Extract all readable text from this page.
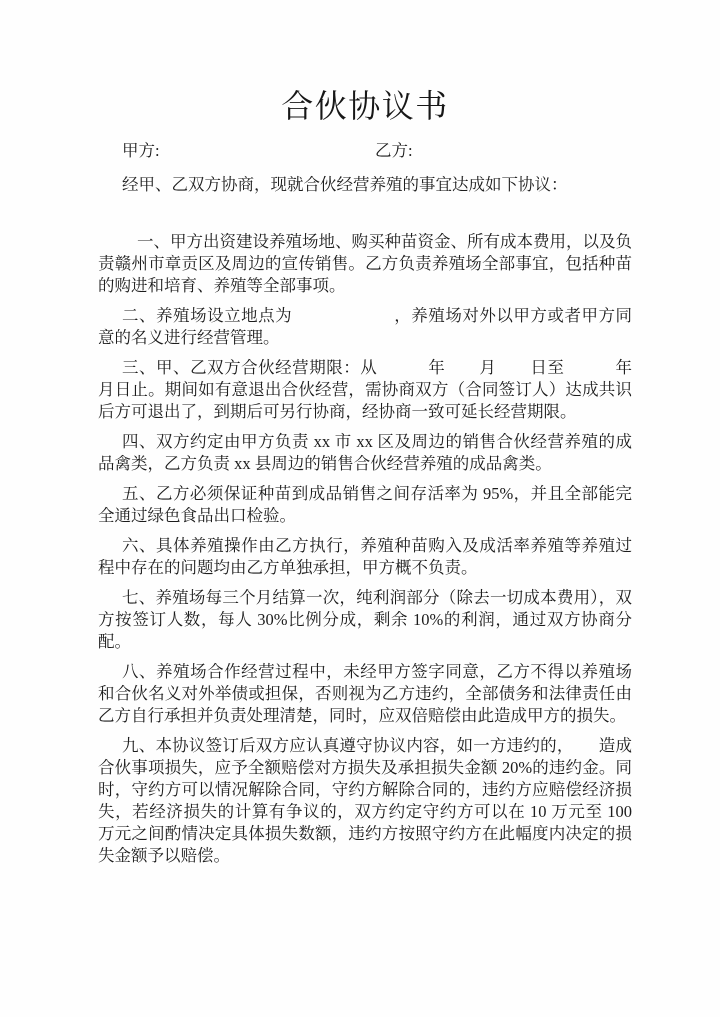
合伙协议书
甲方:	乙方:

经甲、乙双方协商，现就合伙经营养殖的事宜达成如下协议：

一、甲方出资建设养殖场地、购买种苗资金、所有成本费用，以及负责赣州市章贡区及周边的宣传销售。乙方负责养殖场全部事宜，包括种苗的购进和培育、养殖等全部事项。

二、养殖场设立地点为　　　　　　，养殖场对外以甲方或者甲方同意的名义进行经营管理。

三、甲、乙双方合伙经营期限：从　　　年　　月　　日至　　　年　　月日止。期间如有意退出合伙经营，需协商双方（合同签订人）达成共识后方可退出了，到期后可另行协商，经协商一致可延长经营期限。

四、双方约定由甲方负责 xx 市 xx 区及周边的销售合伙经营养殖的成品禽类，乙方负责 xx 县周边的销售合伙经营养殖的成品禽类。

五、乙方必须保证种苗到成品销售之间存活率为 95%，并且全部能完全通过绿色食品出口检验。

六、具体养殖操作由乙方执行，养殖种苗购入及成活率养殖等养殖过程中存在的问题均由乙方单独承担，甲方概不负责。

七、养殖场每三个月结算一次，纯利润部分（除去一切成本费用），双方按签订人数，每人 30%比例分成，剩余 10%的利润，通过双方协商分配。

八、养殖场合作经营过程中，未经甲方签字同意，乙方不得以养殖场和合伙名义对外举债或担保，否则视为乙方违约，全部债务和法律责任由乙方自行承担并负责处理清楚，同时，应双倍赔偿由此造成甲方的损失。

九、本协议签订后双方应认真遵守协议内容，如一方违约的，　　造成合伙事项损失，应予全额赔偿对方损失及承担损失金额 20%的违约金。同时，守约方可以情况解除合同，守约方解除合同的，违约方应赔偿经济损失，若经济损失的计算有争议的，双方约定守约方可以在 10 万元至 100 万元之间酌情决定具体损失数额，违约方按照守约方在此幅度内决定的损失金额予以赔偿。
